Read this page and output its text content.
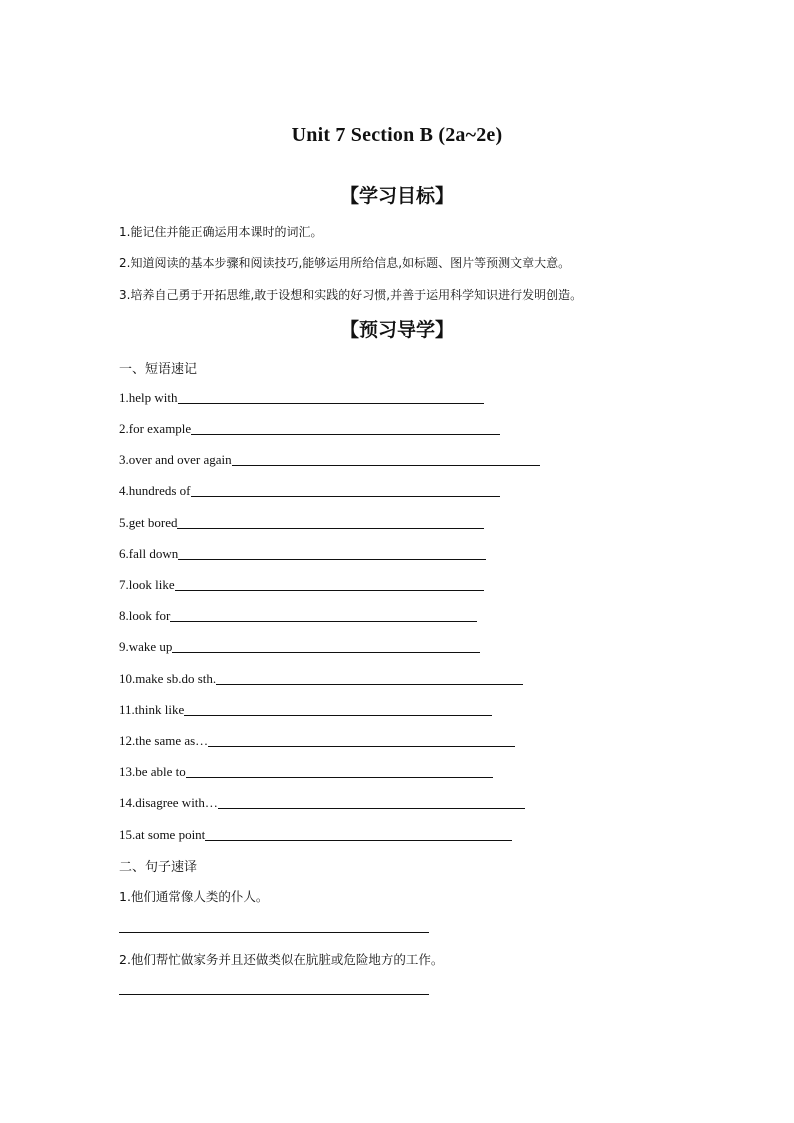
Unit 7 Section B (2a~2e)
【学习目标】
1.能记住并能正确运用本课时的词汇。
2.知道阅读的基本步骤和阅读技巧,能够运用所给信息,如标题、图片等预测文章大意。
3.培养自己勇于开拓思维,敢于设想和实践的好习惯,并善于运用科学知识进行发明创造。
【预习导学】
一、短语速记
1.help with
2.for example
3.over and over again
4.hundreds of
5.get bored
6.fall down
7.look like
8.look for
9.wake up
10.make sb.do sth.
11.think like
12.the same as…
13.be able to
14.disagree with…
15.at some point
二、句子速译
1.他们通常像人类的仆人。
2.他们帮忙做家务并且还做类似在肮脏或危险地方的工作。
